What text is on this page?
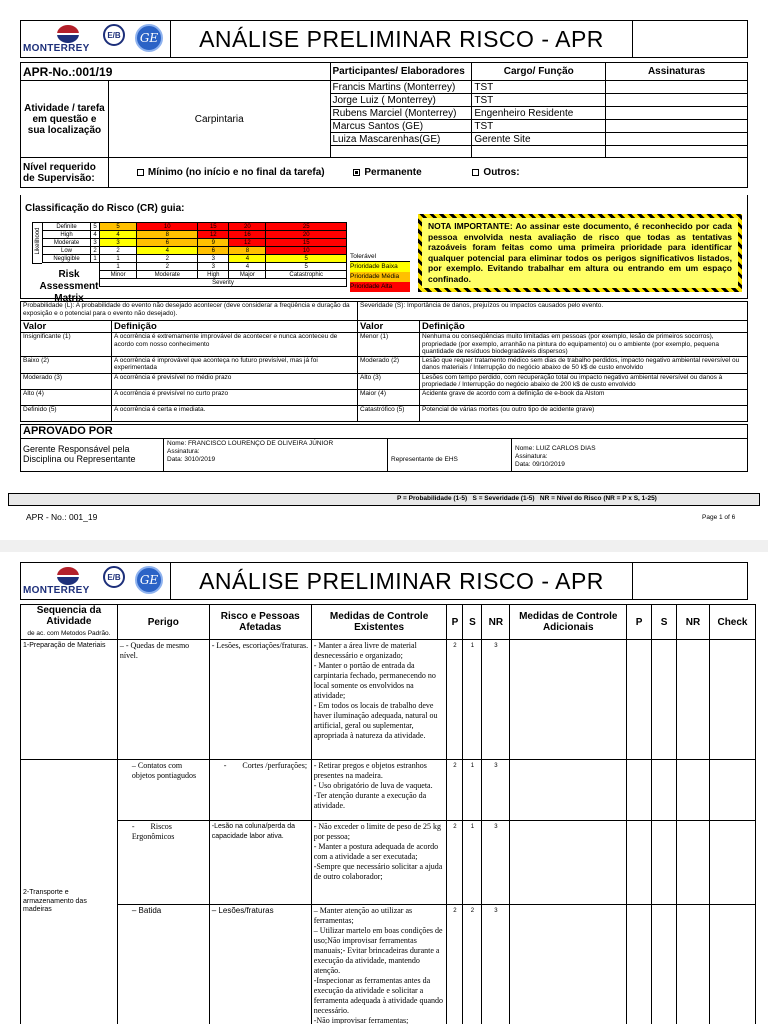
MONTERREY
E/B	GE	ANÁLISE PRELIMINAR RISCO - APR
APR-No.:001/19		Participantes/ Elaboradores	Cargo/ Função	Assinaturas
Atividade / tarefa em questão e sua localização	Carpintaria	Francis Martins (Monterrey)	TST	
		Jorge Luiz ( Monterrey)	TST	
		Rubens Marciel (Monterrey)	Engenheiro Residente	
		Marcus Santos (GE)	TST	
		Luiza Mascarenhas(GE)	Gerente Site	

Nível requerido de Supervisão:	Mínimo (no início e no final da tarefa) Permanente Outros:			
Classificação do Risco (CR) guia:
Likelihood
Definite	5	5	10	15	20	25
High	4	4	8	12	16	20
Moderate	3	3	6	9	12	15
Low	2	2	4	6	8	10
Negligible	1	1	2	3	4	5
		1	2	3	4	5
		Minor	Moderate	High	Major	Catastrophic
		Severity				
Risk Assessment Matrix
Tolerável
Prioridade Baixa
Prioridade Média
Prioridade Alta
NOTA IMPORTANTE: Ao assinar este documento, é reconhecido por cada pessoa envolvida nesta avaliação de risco que todas as tentativas razoáveis foram feitas como uma primeira prioridade para identificar qualquer potencial para eliminar todos os perigos significativos listados, por exemplo. Evitando trabalhar em altura ou entrando em um espaço confinado.
Probabilidade (L): A probabilidade do evento não desejado acontecer (deve considerar a freqüência e duração da exposição e o potencial para o evento não desejado).		Severidade (S): Importância de danos, prejuízos ou impactos causados pelo evento.	
Valor	Definição	Valor	Definição
Insignificante (1)	A ocorrência é extremamente improvável de acontecer e nunca aconteceu de acordo com nosso conhecimento	Menor (1)	Nenhuma ou conseqüências muito limitadas em pessoas (por exemplo, lesão de primeiros socorros), propriedade (por exemplo, arranhão na pintura do equipamento) ou o ambiente (por exemplo, pequena quantidade de resíduos biodegradáveis dispersos)
Baixo (2)	A ocorrência é improvável que aconteça no futuro previsível, mas já foi experimentada	Moderado (2)	Lesão que requer tratamento médico sem dias de trabalho perdidos, impacto negativo ambiental reversível ou danos materiais / Interrupção do negócio abaixo de 50 k$ de custo envolvido
Moderado (3)	A ocorrência é previsível no médio prazo	Alto (3)	Lesões com tempo perdido, com recuperação total ou impacto negativo ambiental reversível ou danos à propriedade / Interrupção do negócio abaixo de 200 k$ de custo envolvido
Alto (4)	A ocorrência é previsível no curto prazo	Maior (4)	Acidente grave de acordo com a definição de e-book da Alstom
Definido (5)	A ocorrência é certa e imediata.	Catastrófico (5)	Potencial de várias mortes (ou outro tipo de acidente grave)
APROVADO POR
Gerente Responsável pela Disciplina ou Representante
Nome: FRANCISCO LOURENÇO DE OLIVEIRA JÚNIOR
Assinatura:
Data: 3010/2019	Representante de EHS
Nome: LUIZ CARLOS DIAS
Assinatura:
Data: 09/10/2019
P = Probabilidade (1-5)   S = Severidade (1-5)   NR = Nível do Risco (NR = P x S, 1-25)
APR - No.: 001_19	Page 1 of 6
MONTERREY
E/B	GE	ANÁLISE PRELIMINAR RISCO - APR
Sequencia da Atividade
de ac. com Metodos Padrão.	Perigo	Risco e Pessoas Afetadas	Medidas de Controle Existentes	P	S	NR	Medidas de Controle Adicionais	P	S	NR	Check
1-Preparação de Materiais	– - Quedas de mesmo nível.	- Lesões, escoriações/fraturas.	- Manter a área livre de material desnecessário e organizado;
- Manter o portão de entrada da carpintaria fechado, permanecendo no local somente os envolvidos na atividade;
- Em todos os locais de trabalho deve haver iluminação adequada, natural ou artificial, geral ou suplementar, apropriada à natureza da atividade.	2	1	3					
2-Transporte e armazenamento das madeiras	– Contatos com objetos pontiagudos	-        Cortes /perfurações;	- Retirar pregos e objetos estranhos presentes na madeira.
- Uso obrigatório de luva de vaqueta.
-Ter atenção durante a execução da atividade.	2	1	3					
	-        Riscos Ergonômicos	-Lesão na coluna/perda da capacidade labor ativa.	- Não exceder o limite de peso de 25 kg por pessoa;
- Manter a postura adequada de acordo com a atividade a ser executada;
-Sempre que necessário solicitar a ajuda de outro colaborador;	2	1	3					
	– Batida	– Lesões/fraturas	– Manter atenção ao utilizar as ferramentas;
– Utilizar martelo em boas condições de uso;Não improvisar ferramentas manuais;- Evitar brincadeiras durante a execução da atividade, mantendo atenção.
-Inspecionar as ferramentas antes da execução da atividade e solicitar a ferramenta adequada à atividade quando necessário.
-Não improvisar ferramentas;	2	2	3					
